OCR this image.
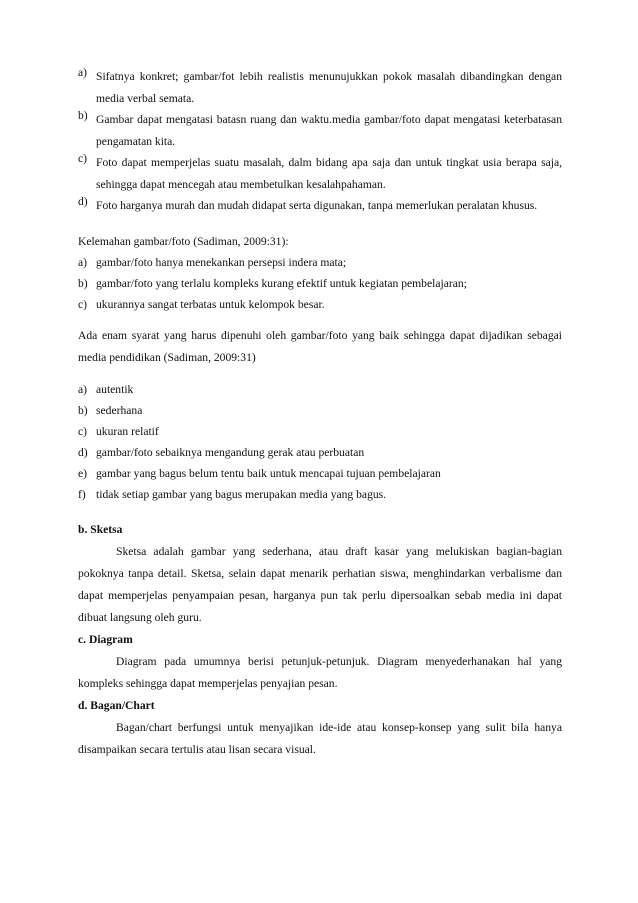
a) Sifatnya konkret; gambar/fot lebih realistis menunujukkan pokok masalah dibandingkan dengan media verbal semata.
b) Gambar dapat mengatasi batasn ruang dan waktu.media gambar/foto dapat mengatasi keterbatasan pengamatan kita.
c) Foto dapat memperjelas suatu masalah, dalm bidang apa saja dan untuk tingkat usia berapa saja, sehingga dapat mencegah atau membetulkan kesalahpahaman.
d) Foto harganya murah dan mudah didapat serta digunakan, tanpa memerlukan peralatan khusus.

Kelemahan gambar/foto (Sadiman, 2009:31):

a) gambar/foto hanya menekankan persepsi indera mata;
b) gambar/foto yang terlalu kompleks kurang efektif untuk kegiatan pembelajaran;
c) ukurannya sangat terbatas untuk kelompok besar.

Ada enam syarat yang harus dipenuhi oleh gambar/foto yang baik sehingga dapat dijadikan sebagai media pendidikan (Sadiman, 2009:31)

a) autentik
b) sederhana
c) ukuran relatif
d) gambar/foto sebaiknya mengandung gerak atau perbuatan
e) gambar yang bagus belum tentu baik untuk mencapai tujuan pembelajaran
f) tidak setiap gambar yang bagus merupakan media yang bagus.

b. Sketsa

Sketsa adalah gambar yang sederhana, atau draft kasar yang melukiskan bagian-bagian pokoknya tanpa detail. Sketsa, selain dapat menarik perhatian siswa, menghindarkan verbalisme dan dapat memperjelas penyampaian pesan, harganya pun tak perlu dipersoalkan sebab media ini dapat dibuat langsung oleh guru.

c. Diagram

Diagram pada umumnya berisi petunjuk-petunjuk. Diagram menyederhanakan hal yang kompleks sehingga dapat memperjelas penyajian pesan.

d. Bagan/Chart

Bagan/chart berfungsi untuk menyajikan ide-ide atau konsep-konsep yang sulit bila hanya disampaikan secara tertulis atau lisan secara visual.
